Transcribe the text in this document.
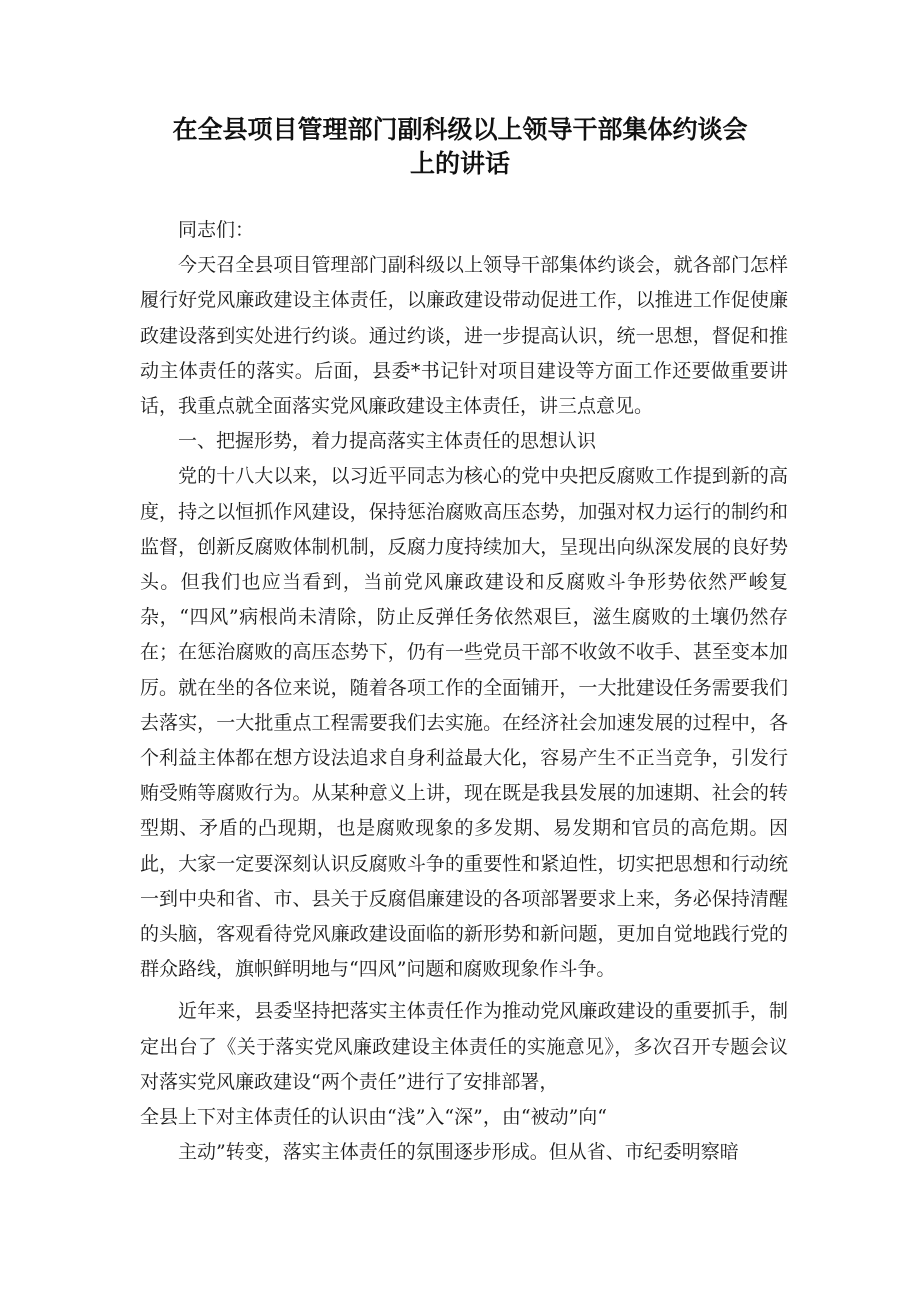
在全县项目管理部门副科级以上领导干部集体约谈会
上的讲话

同志们：

今天召全县项目管理部门副科级以上领导干部集体约谈会，就各部门怎样履行好党风廉政建设主体责任，以廉政建设带动促进工作，以推进工作促使廉政建设落到实处进行约谈。通过约谈，进一步提高认识，统一思想，督促和推动主体责任的落实。后面，县委*书记针对项目建设等方面工作还要做重要讲话，我重点就全面落实党风廉政建设主体责任，讲三点意见。

一、把握形势，着力提高落实主体责任的思想认识

党的十八大以来，以习近平同志为核心的党中央把反腐败工作提到新的高度，持之以恒抓作风建设，保持惩治腐败高压态势，加强对权力运行的制约和监督，创新反腐败体制机制，反腐力度持续加大，呈现出向纵深发展的良好势头。但我们也应当看到，当前党风廉政建设和反腐败斗争形势依然严峻复杂，“四风”病根尚未清除，防止反弹任务依然艰巨，滋生腐败的土壤仍然存在；在惩治腐败的高压态势下，仍有一些党员干部不收敛不收手、甚至变本加厉。就在坐的各位来说，随着各项工作的全面铺开，一大批建设任务需要我们去落实，一大批重点工程需要我们去实施。在经济社会加速发展的过程中，各个利益主体都在想方设法追求自身利益最大化，容易产生不正当竞争，引发行贿受贿等腐败行为。从某种意义上讲，现在既是我县发展的加速期、社会的转型期、矛盾的凸现期，也是腐败现象的多发期、易发期和官员的高危期。因此，大家一定要深刻认识反腐败斗争的重要性和紧迫性，切实把思想和行动统一到中央和省、市、县关于反腐倡廉建设的各项部署要求上来，务必保持清醒的头脑，客观看待党风廉政建设面临的新形势和新问题，更加自觉地践行党的群众路线，旗帜鲜明地与“四风”问题和腐败现象作斗争。

近年来，县委坚持把落实主体责任作为推动党风廉政建设的重要抓手，制定出台了《关于落实党风廉政建设主体责任的实施意见》，多次召开专题会议对落实党风廉政建设“两个责任”进行了安排部署，

全县上下对主体责任的认识由“浅”入“深”，由“被动”向“

主动”转变，落实主体责任的氛围逐步形成。但从省、市纪委明察暗
